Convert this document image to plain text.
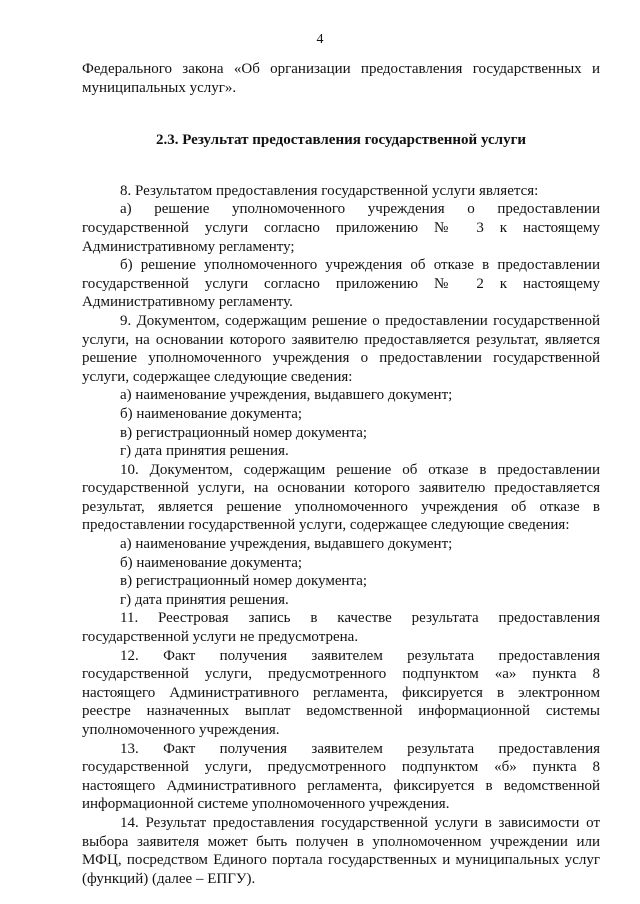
4

Федерального закона «Об организации предоставления государственных и муниципальных услуг».

2.3. Результат предоставления государственной услуги

8. Результатом предоставления государственной услуги является:

а) решение уполномоченного учреждения о предоставлении государственной услуги согласно приложению № 3 к настоящему Административному регламенту;

б) решение уполномоченного учреждения об отказе в предоставлении государственной услуги согласно приложению № 2 к настоящему Административному регламенту.

9. Документом, содержащим решение о предоставлении государственной услуги, на основании которого заявителю предоставляется результат, является решение уполномоченного учреждения о предоставлении государственной услуги, содержащее следующие сведения:

а) наименование учреждения, выдавшего документ;

б) наименование документа;

в) регистрационный номер документа;

г) дата принятия решения.

10. Документом, содержащим решение об отказе в предоставлении государственной услуги, на основании которого заявителю предоставляется результат, является решение уполномоченного учреждения об отказе в предоставлении государственной услуги, содержащее следующие сведения:

а) наименование учреждения, выдавшего документ;

б) наименование документа;

в) регистрационный номер документа;

г) дата принятия решения.

11. Реестровая запись в качестве результата предоставления государственной услуги не предусмотрена.

12. Факт получения заявителем результата предоставления государственной услуги, предусмотренного подпунктом «а» пункта 8 настоящего Административного регламента, фиксируется в электронном реестре назначенных выплат ведомственной информационной системы уполномоченного учреждения.

13. Факт получения заявителем результата предоставления государственной услуги, предусмотренного подпунктом «б» пункта 8 настоящего Административного регламента, фиксируется в ведомственной информационной системе уполномоченного учреждения.

14. Результат предоставления государственной услуги в зависимости от выбора заявителя может быть получен в уполномоченном учреждении или МФЦ, посредством Единого портала государственных и муниципальных услуг (функций) (далее – ЕПГУ).
